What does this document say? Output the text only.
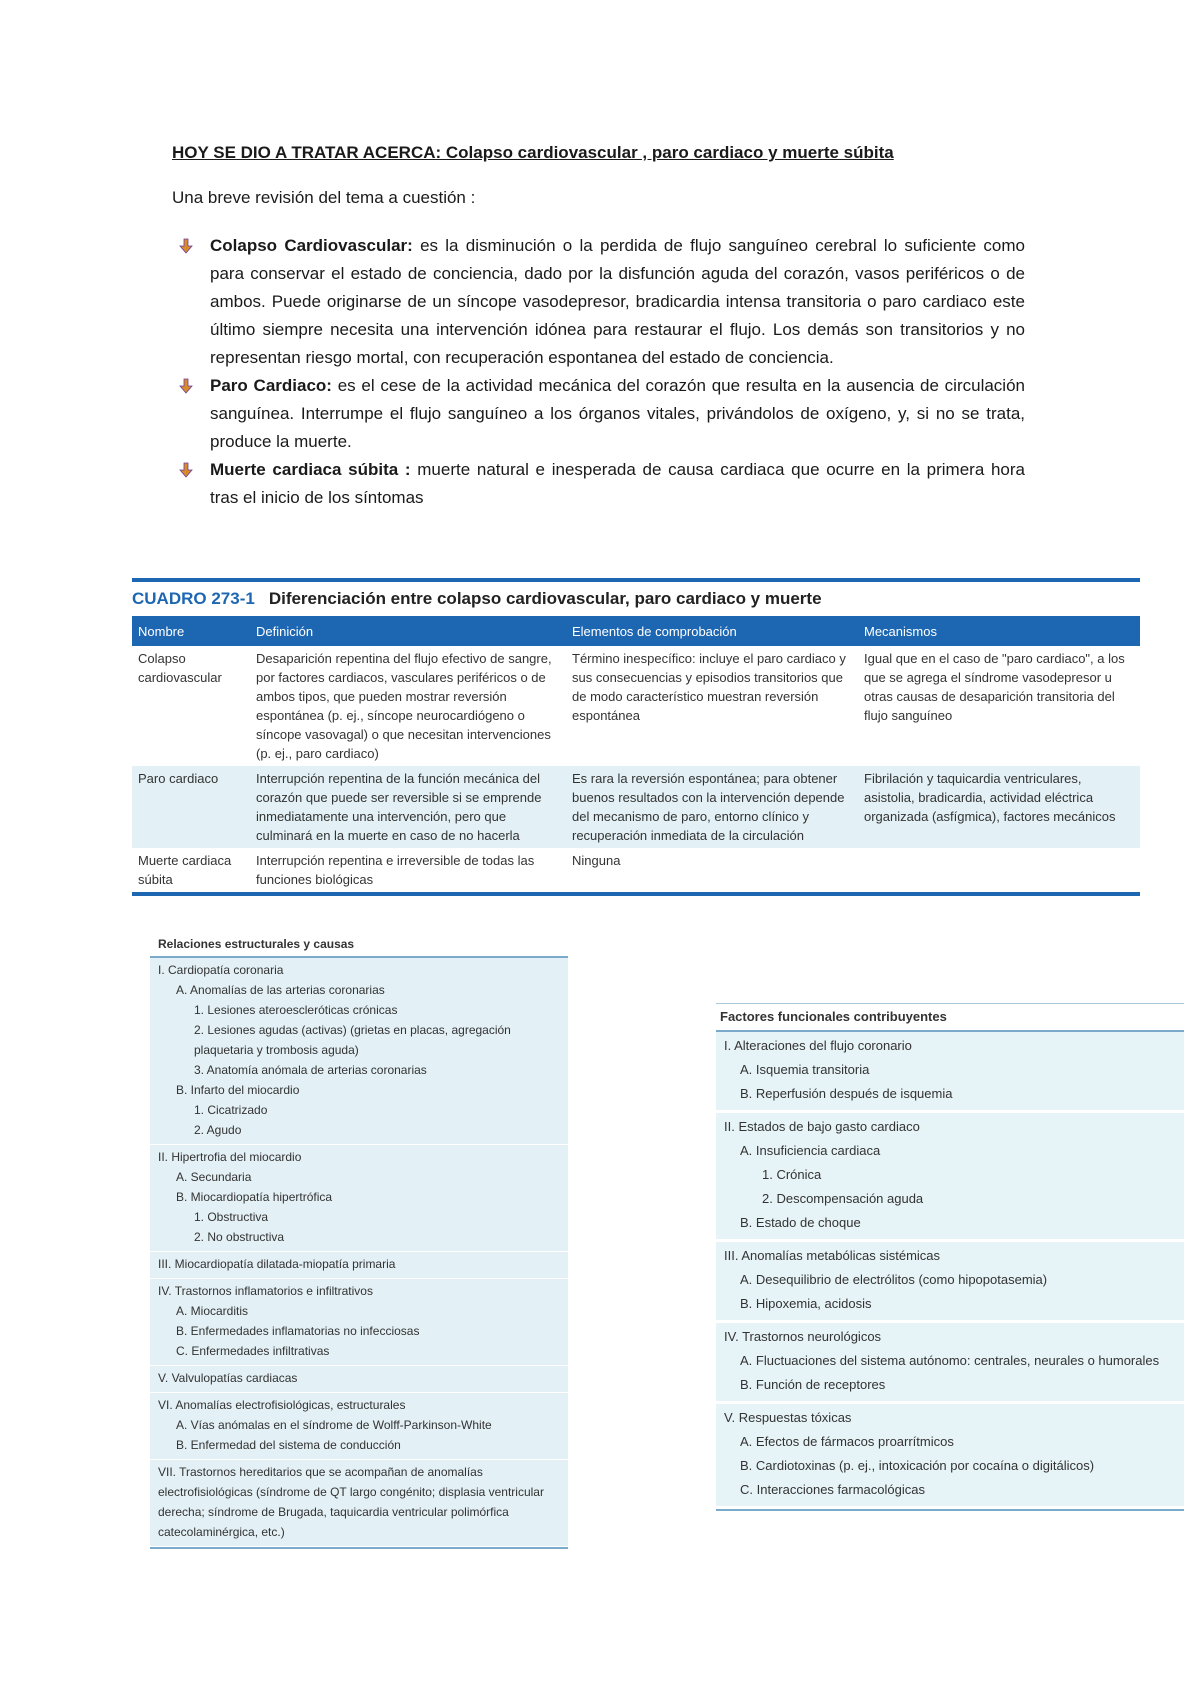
HOY SE DIO A TRATAR ACERCA: Colapso cardiovascular , paro cardiaco y muerte súbita
Una breve revisión del tema a cuestión :
Colapso Cardiovascular: es la disminución o la perdida de flujo sanguíneo cerebral lo suficiente como para conservar el estado de conciencia, dado por la disfunción aguda del corazón, vasos periféricos o de ambos. Puede originarse de un síncope vasodepresor, bradicardia intensa transitoria o paro cardiaco este último siempre necesita una intervención idónea para restaurar el flujo. Los demás son transitorios y no representan riesgo mortal, con recuperación espontanea del estado de conciencia.
Paro Cardiaco: es el cese de la actividad mecánica del corazón que resulta en la ausencia de circulación sanguínea. Interrumpe el flujo sanguíneo a los órganos vitales, privándolos de oxígeno, y, si no se trata, produce la muerte.
Muerte cardiaca súbita : muerte natural e inesperada de causa cardiaca que ocurre en la primera hora tras el inicio de los síntomas
CUADRO 273-1 Diferenciación entre colapso cardiovascular, paro cardiaco y muerte
Nombre	Definición	Elementos de comprobación	Mecanismos
Colapso cardiovascular	Desaparición repentina del flujo efectivo de sangre, por factores cardiacos, vasculares periféricos o de ambos tipos, que pueden mostrar reversión espontánea (p. ej., síncope neurocardiógeno o síncope vasovagal) o que necesitan intervenciones (p. ej., paro cardiaco)	Término inespecífico: incluye el paro cardiaco y sus consecuencias y episodios transitorios que de modo característico muestran reversión espontánea	Igual que en el caso de "paro cardiaco", a los que se agrega el síndrome vasodepresor u otras causas de desaparición transitoria del flujo sanguíneo
Paro cardiaco	Interrupción repentina de la función mecánica del corazón que puede ser reversible si se emprende inmediatamente una intervención, pero que culminará en la muerte en caso de no hacerla	Es rara la reversión espontánea; para obtener buenos resultados con la intervención depende del mecanismo de paro, entorno clínico y recuperación inmediata de la circulación	Fibrilación y taquicardia ventriculares, asistolia, bradicardia, actividad eléctrica organizada (asfígmica), factores mecánicos
Muerte cardiaca súbita	Interrupción repentina e irreversible de todas las funciones biológicas	Ninguna	
Relaciones estructurales y causas
I. Cardiopatía coronaria
A. Anomalías de las arterias coronarias
1. Lesiones ateroescleróticas crónicas
2. Lesiones agudas (activas) (grietas en placas, agregación plaquetaria y trombosis aguda)
3. Anatomía anómala de arterias coronarias
B. Infarto del miocardio
1. Cicatrizado
2. Agudo
II. Hipertrofia del miocardio
A. Secundaria
B. Miocardiopatía hipertrófica
1. Obstructiva
2. No obstructiva
III. Miocardiopatía dilatada-miopatía primaria
IV. Trastornos inflamatorios e infiltrativos
A. Miocarditis
B. Enfermedades inflamatorias no infecciosas
C. Enfermedades infiltrativas
V. Valvulopatías cardiacas
VI. Anomalías electrofisiológicas, estructurales
A. Vías anómalas en el síndrome de Wolff-Parkinson-White
B. Enfermedad del sistema de conducción
VII. Trastornos hereditarios que se acompañan de anomalías electrofisiológicas (síndrome de QT largo congénito; displasia ventricular derecha; síndrome de Brugada, taquicardia ventricular polimórfica catecolaminérgica, etc.)
Factores funcionales contribuyentes
I. Alteraciones del flujo coronario
A. Isquemia transitoria
B. Reperfusión después de isquemia
II. Estados de bajo gasto cardiaco
A. Insuficiencia cardiaca
1. Crónica
2. Descompensación aguda
B. Estado de choque
III. Anomalías metabólicas sistémicas
A. Desequilibrio de electrólitos (como hipopotasemia)
B. Hipoxemia, acidosis
IV. Trastornos neurológicos
A. Fluctuaciones del sistema autónomo: centrales, neurales o humorales
B. Función de receptores
V. Respuestas tóxicas
A. Efectos de fármacos proarrítmicos
B. Cardiotoxinas (p. ej., intoxicación por cocaína o digitálicos)
C. Interacciones farmacológicas
